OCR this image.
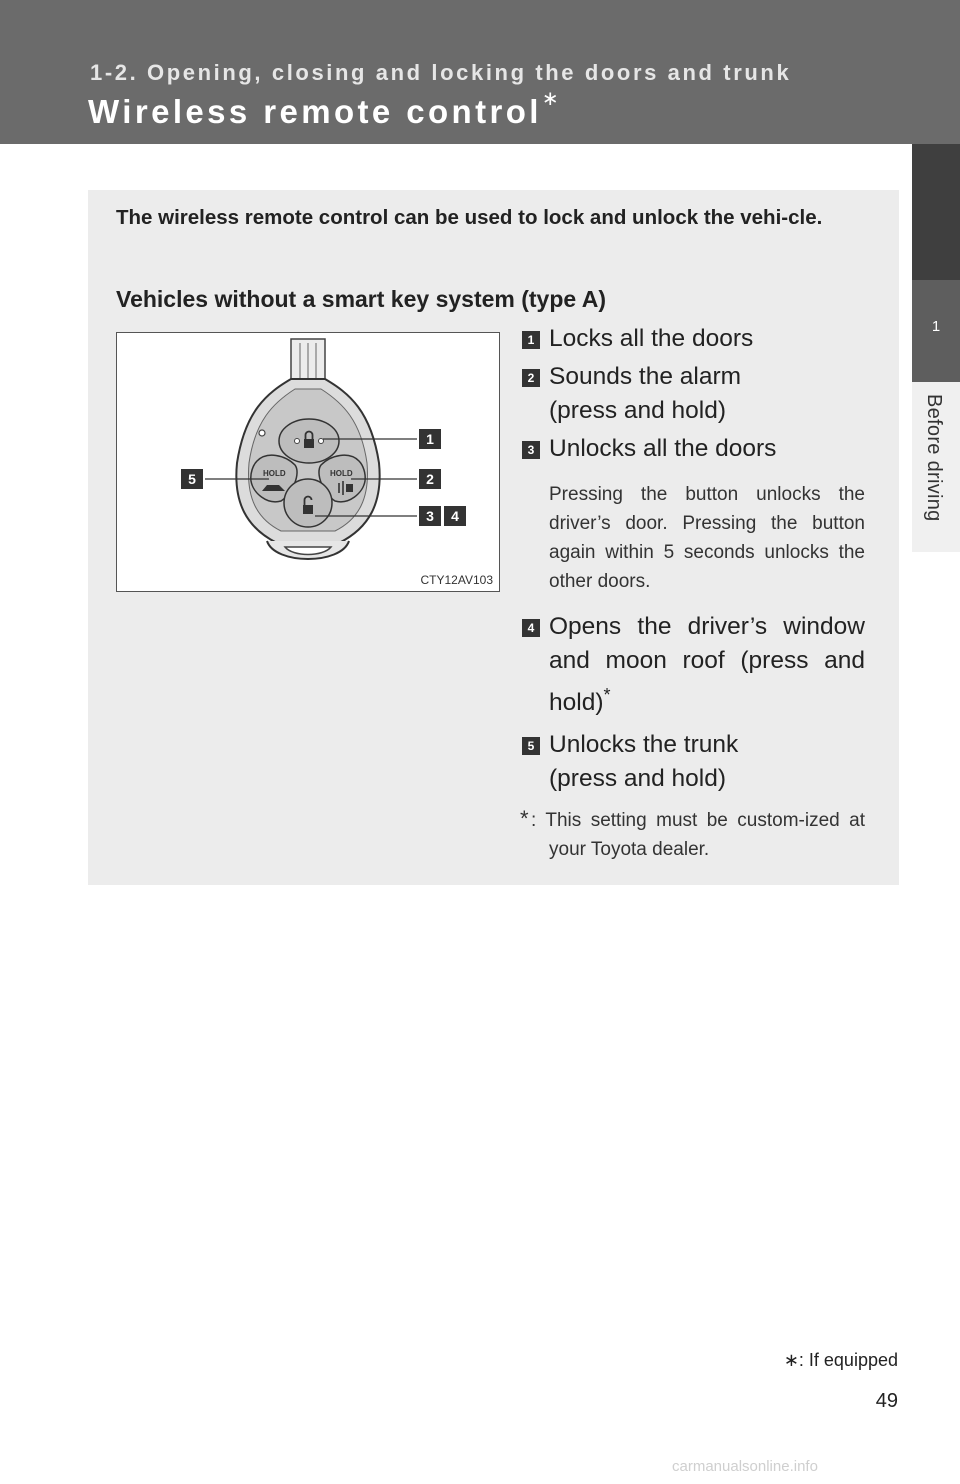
1-2. Opening, closing and locking the doors and trunk

Wireless remote control∗

1
Before driving

The wireless remote control can be used to lock and unlock the vehi-cle.

Vehicles without a smart key system (type A)

HOLD	HOLD
1
2
3 4
5
CTY12AV103
1 Locks all the doors
2 Sounds the alarm (press and hold)
3 Unlocks all the doors

Pressing the button unlocks the driver’s door. Pressing the button again within 5 seconds unlocks the other doors.

4 Opens the driver’s window and moon roof (press and hold)*
5 Unlocks the trunk (press and hold)
* : This setting must be custom-ized at your Toyota dealer.
∗: If equipped
49
carmanualsonline.info
